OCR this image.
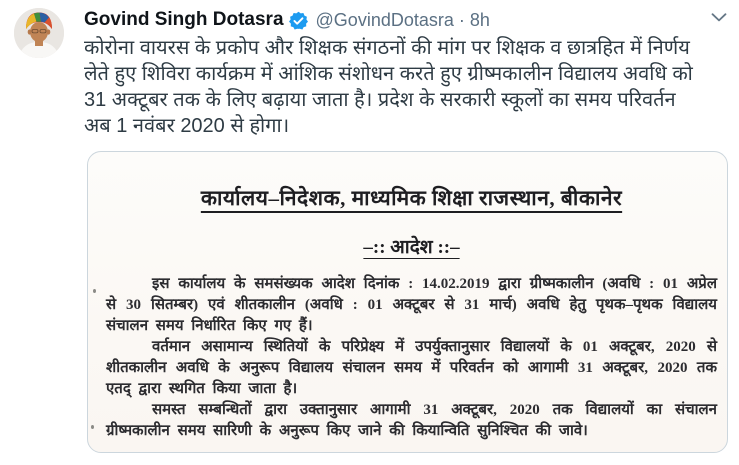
Govind Singh Dotasra @GovindDotasra · 8h
कोरोना वायरस के प्रकोप और शिक्षक संगठनों की मांग पर शिक्षक व छात्रहित में निर्णय लेते हुए शिविरा कार्यक्रम में आंशिक संशोधन करते हुए ग्रीष्मकालीन विद्यालय अवधि को 31 अक्टूबर तक के लिए बढ़ाया जाता है। प्रदेश के सरकारी स्कूलों का समय परिवर्तन अब 1 नवंबर 2020 से होगा।
कार्यालय–निदेशक, माध्यमिक शिक्षा राजस्थान, बीकानेर
–:: आदेश ::–

इस कार्यालय के समसंख्यक आदेश दिनांक : 14.02.2019 द्वारा ग्रीष्मकालीन (अवधि : 01 अप्रेल से 30 सितम्बर) एवं शीतकालीन (अवधि : 01 अक्टूबर से 31 मार्च) अवधि हेतु पृथक–पृथक विद्यालय संचालन समय निर्धारित किए गए हैं।

वर्तमान असामान्य स्थितियों के परिप्रेक्ष्य में उपर्युक्तानुसार विद्यालयों के 01 अक्टूबर, 2020 से शीतकालीन अवधि के अनुरूप विद्यालय संचालन समय में परिवर्तन को आगामी 31 अक्टूबर, 2020 तक एतद् द्वारा स्थगित किया जाता है।

समस्त सम्बन्धितों द्वारा उक्तानुसार आगामी 31 अक्टूबर, 2020 तक विद्यालयों का संचालन ग्रीष्मकालीन समय सारिणी के अनुरूप किए जाने की कियान्विति सुनिश्चित की जावे।
